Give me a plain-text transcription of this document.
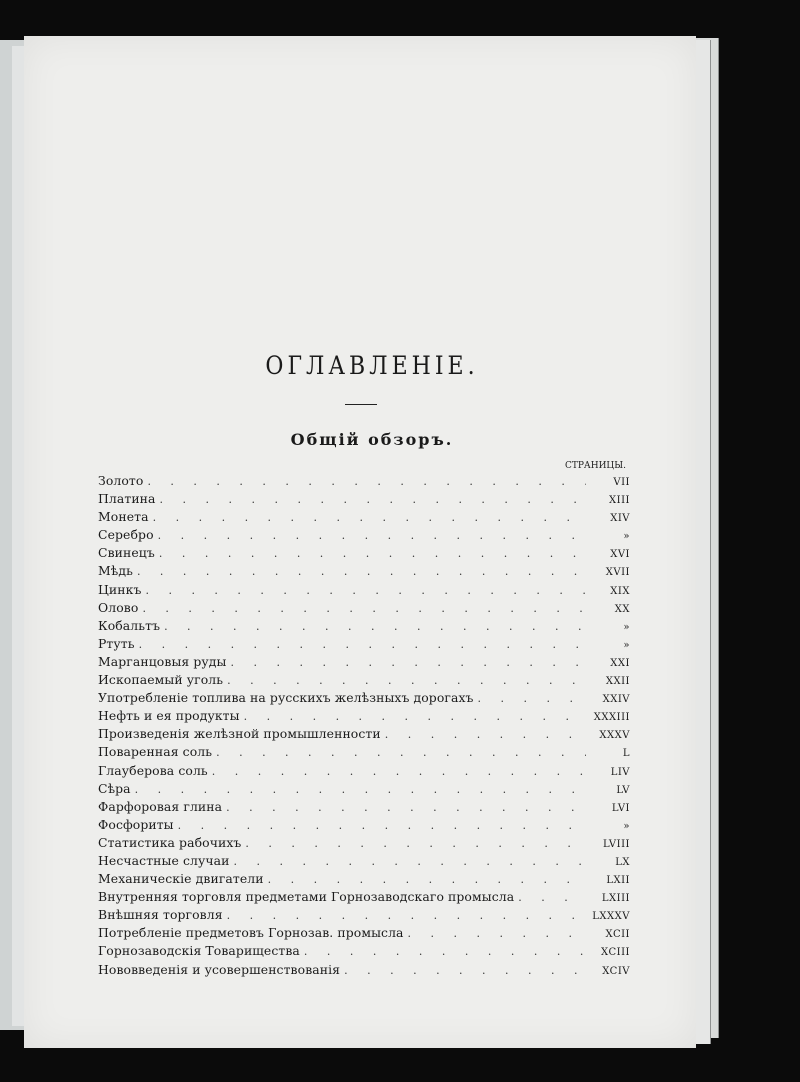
ОГЛАВЛЕНІЕ.
Общій обзоръ.
СТРАНИЦЫ.
Золото . . .	VII
Платина . . .	XIII
Монета . . .	XIV
Серебро . . .	»
Свинецъ . . .	XVI
Мѣдь . . .	XVII
Цинкъ . . .	XIX
Олово . . .	XX
Кобальтъ . . .	»
Ртуть . . .	»
Марганцовыя руды . . .	XXI
Ископаемый уголь . . .	XXII
Употребленіе топлива на русскихъ желѣзныхъ дорогахъ . . .	XXIV
Нефть и ея продукты . . .	XXXIII
Произведенія желѣзной промышленности . . .	XXXV
Поваренная соль . . .	L
Глауберова соль . . .	LIV
Сѣра . . .	LV
Фарфоровая глина . . .	LVI
Фосфориты . . .	»
Статистика рабочихъ . . .	LVIII
Несчастные случаи . . .	LX
Механическіе двигатели . . .	LXII
Внутренняя торговля предметами Горнозаводскаго промысла . . .	LXIII
Внѣшняя торговля . . .	LXXXV
Потребленіе предметовъ Горнозав. промысла . . .	XCII
Горнозаводскія Товарищества . . .	XCIII
Нововведенія и усовершенствованія . . .	XCIV
